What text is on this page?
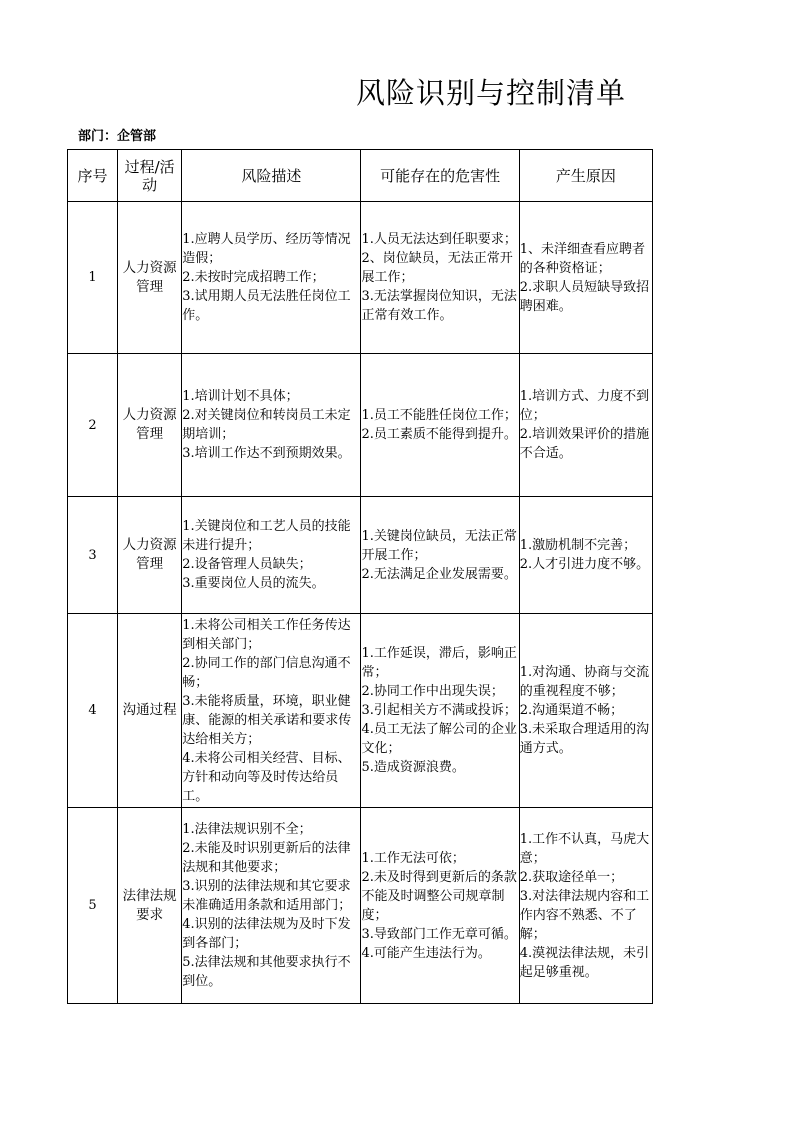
风险识别与控制清单
部门：企管部
序号	过程/活动	风险描述	可能存在的危害性	产生原因
1	人力资源管理	1.应聘人员学历、经历等情况造假；
2.未按时完成招聘工作；
3.试用期人员无法胜任岗位工作。	1.人员无法达到任职要求；
2、岗位缺员，无法正常开展工作；
3.无法掌握岗位知识，无法正常有效工作。	1、未洋细查看应聘者的各种资格证；
2.求职人员短缺导致招聘困难。

2	人力资源管理	1.培训计划不具体；
2.对关键岗位和转岗员工未定期培训；
3.培训工作达不到预期效果。	1.员工不能胜任岗位工作；
2.员工素质不能得到提升。	1.培训方式、力度不到位；
2.培训效果评价的措施不合适。

3	人力资源管理	1.关键岗位和工艺人员的技能未进行提升；
2.设备管理人员缺失；
3.重要岗位人员的流失。	1.关键岗位缺员，无法正常开展工作；
2.无法满足企业发展需要。	1.激励机制不完善；
2.人才引进力度不够。

4	沟通过程	1.未将公司相关工作任务传达到相关部门；
2.协同工作的部门信息沟通不畅；
3.未能将质量，环境，职业健康、能源的相关承诺和要求传达给相关方；
4.未将公司相关经营、目标、方针和动向等及时传达给员工。	1.工作延误，滞后，影响正常；
2.协同工作中出现失误；
3.引起相关方不满或投诉；
4.员工无法了解公司的企业文化；
5.造成资源浪费。	1.对沟通、协商与交流的重视程度不够；
2.沟通渠道不畅；
3.未采取合理适用的沟通方式。

5	法律法规要求	1.法律法规识别不全；
2.未能及时识别更新后的法律法规和其他要求；
3.识别的法律法规和其它要求未准确适用条款和适用部门；
4.识别的法律法规为及时下发到各部门；
5.法律法规和其他要求执行不到位。	1.工作无法可依；
2.未及时得到更新后的条款不能及时调整公司规章制度；
3.导致部门工作无章可循。
4.可能产生违法行为。	1.工作不认真，马虎大意；
2.获取途径单一；
3.对法律法规内容和工作内容不熟悉、不了解；
4.漠视法律法规，未引起足够重视。
